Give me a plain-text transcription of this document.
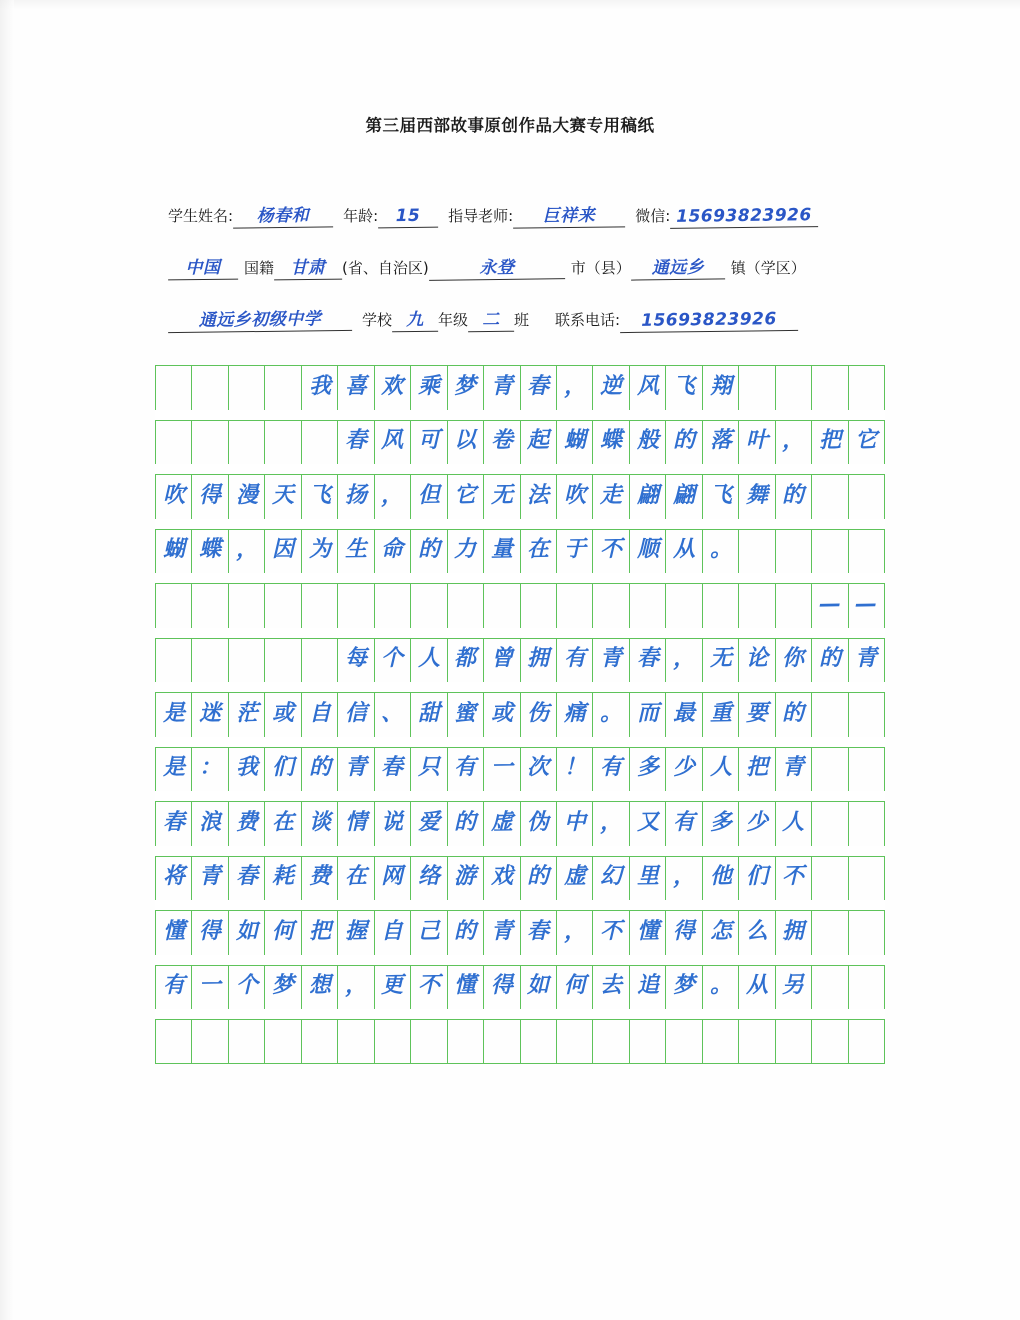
第三届西部故事原创作品大赛专用稿纸
学生姓名:	杨春和	年龄:	15	指导老师:	巨祥来	微信: 15693823926
中国	国籍 甘肃	(省、自治区)	永登	市（县）	通远乡	镇（学区）
通远乡初级中学	学校 九 年级 二 班 联系电话:	15693823926
我 喜 欢 乘 梦 青 春 ， 逆 风 飞 翔
春 风 可 以 卷 起 蝴 蝶 般 的 落 叶 ， 把 它
吹 得 漫 天 飞 扬 ， 但 它 无 法 吹 走 翩 翩 飞 舞 的
蝴 蝶 ， 因 为 生 命 的 力 量 在 于 不 顺 从 。
— —
每 个 人 都 曾 拥 有 青 春 ， 无 论 你 的 青
是 迷 茫 或 自 信 、 甜 蜜 或 伤 痛 。 而 最 重 要 的
是 ： 我 们 的 青 春 只 有 一 次 ！ 有 多 少 人 把 青
春 浪 费 在 谈 情 说 爱 的 虚 伪 中 ， 又 有 多 少 人
将 青 春 耗 费 在 网 络 游 戏 的 虚 幻 里 ， 他 们 不
懂 得 如 何 把 握 自 己 的 青 春 ， 不 懂 得 怎 么 拥
有 一 个 梦 想 ， 更 不 懂 得 如 何 去 追 梦 。 从 另
